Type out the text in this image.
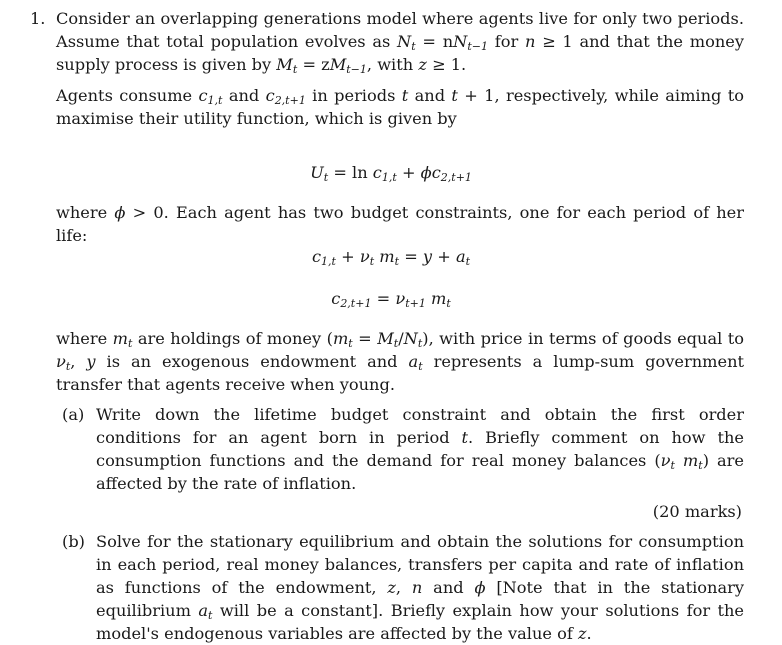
1. Consider an overlapping generations model where agents live for only two periods. Assume that total population evolves as $N_t = nN_{t-1}$ for n ≥ 1 and that the money supply process is given by $M_t = zM_{t-1}$, with z ≥ 1.

Agents consume $c_{1,t}$ and $c_{2,t+1}$ in periods t and t + 1, respectively, while aiming to maximise their utility function, which is given by

$U_t = \ln c_{1,t} + \phi c_{2,t+1}$

where ϕ > 0. Each agent has two budget constraints, one for each period of her life:

$c_{1,t} + \nu_t$ $m_t = y + a_t$
$c_{2,t+1} = \nu_{t+1}$ $m_t$

where $m_t$ are holdings of money $(m_t = M_t/N_t)$, with price in terms of goods equal to $\nu_t$, y is an exogenous endowment and $a_t$ represents a lump-sum government transfer that agents receive when young.

(a) Write down the lifetime budget constraint and obtain the first order conditions for an agent born in period t. Briefly comment on how the consumption functions and the demand for real money balances ($\nu_t$ $m_t$) are affected by the rate of inflation.

(20 marks)
(b) Solve for the stationary equilibrium and obtain the solutions for consumption in each period, real money balances, transfers per capita and rate of inflation as functions of the endowment, z, n and ϕ [Note that in the stationary equilibrium $a_t$ will be a constant]. Briefly explain how your solutions for the model's endogenous variables are affected by the value of z.
